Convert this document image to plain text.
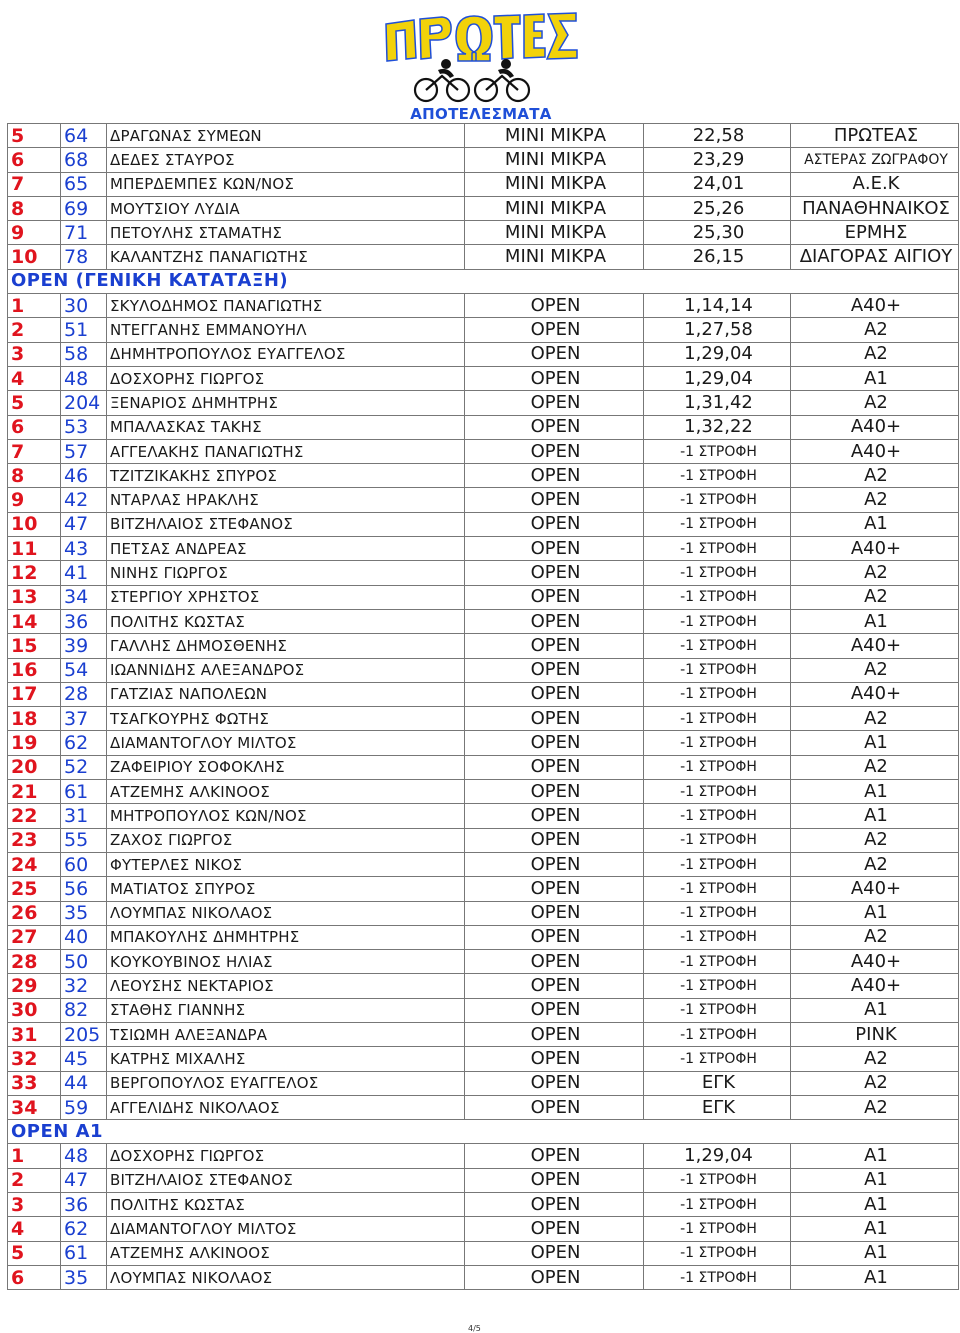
ΑΠΟΤΕΛΕΣΜΑΤΑ
5	64	ΔΡΑΓΩΝΑΣ ΣΥΜΕΩΝ	ΜΙΝΙ ΜΙΚΡΑ	22,58	ΠΡΩΤΕΑΣ
6	68	ΔΕΔΕΣ ΣΤΑΥΡΟΣ	ΜΙΝΙ ΜΙΚΡΑ	23,29	ΑΣΤΕΡΑΣ ΖΩΓΡΑΦΟΥ
7	65	ΜΠΕΡΔΕΜΠΕΣ ΚΩΝ/ΝΟΣ	ΜΙΝΙ ΜΙΚΡΑ	24,01	Α.Ε.Κ
8	69	ΜΟΥΤΣΙΟΥ ΛΥΔΙΑ	ΜΙΝΙ ΜΙΚΡΑ	25,26	ΠΑΝΑΘΗΝΑΙΚΟΣ
9	71	ΠΕΤΟΥΛΗΣ ΣΤΑΜΑΤΗΣ	ΜΙΝΙ ΜΙΚΡΑ	25,30	ΕΡΜΗΣ
10	78	ΚΑΛΑΝΤΖΗΣ ΠΑΝΑΓΙΩΤΗΣ	ΜΙΝΙ ΜΙΚΡΑ	26,15	ΔΙΑΓΟΡΑΣ ΑΙΓΙΟΥ
OPEN (ΓΕΝΙΚΗ ΚΑΤΑΤΑΞΗ)					
1	30	ΣΚΥΛΟΔΗΜΟΣ ΠΑΝΑΓΙΩΤΗΣ	OPEN	1,14,14	Α40+
2	51	ΝΤΕΓΓΑΝΗΣ ΕΜΜΑΝΟΥΗΛ	OPEN	1,27,58	Α2
3	58	ΔΗΜΗΤΡΟΠΟΥΛΟΣ ΕΥΑΓΓΕΛΟΣ	OPEN	1,29,04	Α2
4	48	ΔΟΣΧΟΡΗΣ ΓΙΩΡΓΟΣ	OPEN	1,29,04	Α1
5	204	ΞΕΝΑΡΙΟΣ ΔΗΜΗΤΡΗΣ	OPEN	1,31,42	Α2
6	53	ΜΠΑΛΑΣΚΑΣ ΤΑΚΗΣ	OPEN	1,32,22	Α40+
7	57	ΑΓΓΕΛΑΚΗΣ ΠΑΝΑΓΙΩΤΗΣ	OPEN	-1 ΣΤΡΟΦΗ	Α40+
8	46	ΤΖΙΤΖΙΚΑΚΗΣ ΣΠΥΡΟΣ	OPEN	-1 ΣΤΡΟΦΗ	Α2
9	42	ΝΤΑΡΛΑΣ ΗΡΑΚΛΗΣ	OPEN	-1 ΣΤΡΟΦΗ	Α2
10	47	ΒΙΤΖΗΛΑΙΟΣ ΣΤΕΦΑΝΟΣ	OPEN	-1 ΣΤΡΟΦΗ	Α1
11	43	ΠΕΤΣΑΣ ΑΝΔΡΕΑΣ	OPEN	-1 ΣΤΡΟΦΗ	Α40+
12	41	ΝΙΝΗΣ ΓΙΩΡΓΟΣ	OPEN	-1 ΣΤΡΟΦΗ	Α2
13	34	ΣΤΕΡΓΙΟΥ ΧΡΗΣΤΟΣ	OPEN	-1 ΣΤΡΟΦΗ	Α2
14	36	ΠΟΛΙΤΗΣ ΚΩΣΤΑΣ	OPEN	-1 ΣΤΡΟΦΗ	Α1
15	39	ΓΑΛΛΗΣ ΔΗΜΟΣΘΕΝΗΣ	OPEN	-1 ΣΤΡΟΦΗ	Α40+
16	54	ΙΩΑΝΝΙΔΗΣ ΑΛΕΞΑΝΔΡΟΣ	OPEN	-1 ΣΤΡΟΦΗ	Α2
17	28	ΓΑΤΖΙΑΣ ΝΑΠΟΛΕΩΝ	OPEN	-1 ΣΤΡΟΦΗ	Α40+
18	37	ΤΣΑΓΚΟΥΡΗΣ ΦΩΤΗΣ	OPEN	-1 ΣΤΡΟΦΗ	Α2
19	62	ΔΙΑΜΑΝΤΟΓΛΟΥ ΜΙΛΤΟΣ	OPEN	-1 ΣΤΡΟΦΗ	Α1
20	52	ΖΑΦΕΙΡΙΟΥ ΣΟΦΟΚΛΗΣ	OPEN	-1 ΣΤΡΟΦΗ	Α2
21	61	ΑΤΖΕΜΗΣ ΑΛΚΙΝΟΟΣ	OPEN	-1 ΣΤΡΟΦΗ	Α1
22	31	ΜΗΤΡΟΠΟΥΛΟΣ ΚΩΝ/ΝΟΣ	OPEN	-1 ΣΤΡΟΦΗ	Α1
23	55	ΖΑΧΟΣ ΓΙΩΡΓΟΣ	OPEN	-1 ΣΤΡΟΦΗ	Α2
24	60	ΦΥΤΕΡΛΕΣ ΝΙΚΟΣ	OPEN	-1 ΣΤΡΟΦΗ	Α2
25	56	ΜΑΤΙΑΤΟΣ ΣΠΥΡΟΣ	OPEN	-1 ΣΤΡΟΦΗ	Α40+
26	35	ΛΟΥΜΠΑΣ ΝΙΚΟΛΑΟΣ	OPEN	-1 ΣΤΡΟΦΗ	Α1
27	40	ΜΠΑΚΟΥΛΗΣ ΔΗΜΗΤΡΗΣ	OPEN	-1 ΣΤΡΟΦΗ	Α2
28	50	ΚΟΥΚΟΥΒΙΝΟΣ ΗΛΙΑΣ	OPEN	-1 ΣΤΡΟΦΗ	Α40+
29	32	ΛΕΟΥΣΗΣ ΝΕΚΤΑΡΙΟΣ	OPEN	-1 ΣΤΡΟΦΗ	Α40+
30	82	ΣΤΑΘΗΣ ΓΙΑΝΝΗΣ	OPEN	-1 ΣΤΡΟΦΗ	Α1
31	205	ΤΣΙΩΜΗ ΑΛΕΞΑΝΔΡΑ	OPEN	-1 ΣΤΡΟΦΗ	PINK
32	45	ΚΑΤΡΗΣ ΜΙΧΑΛΗΣ	OPEN	-1 ΣΤΡΟΦΗ	Α2
33	44	ΒΕΡΓΟΠΟΥΛΟΣ ΕΥΑΓΓΕΛΟΣ	OPEN	ΕΓΚ	Α2
34	59	ΑΓΓΕΛΙΔΗΣ ΝΙΚΟΛΑΟΣ	OPEN	ΕΓΚ	Α2
OPEN Α1					
1	48	ΔΟΣΧΟΡΗΣ ΓΙΩΡΓΟΣ	OPEN	1,29,04	Α1
2	47	ΒΙΤΖΗΛΑΙΟΣ ΣΤΕΦΑΝΟΣ	OPEN	-1 ΣΤΡΟΦΗ	Α1
3	36	ΠΟΛΙΤΗΣ ΚΩΣΤΑΣ	OPEN	-1 ΣΤΡΟΦΗ	Α1
4	62	ΔΙΑΜΑΝΤΟΓΛΟΥ ΜΙΛΤΟΣ	OPEN	-1 ΣΤΡΟΦΗ	Α1
5	61	ΑΤΖΕΜΗΣ ΑΛΚΙΝΟΟΣ	OPEN	-1 ΣΤΡΟΦΗ	Α1
6	35	ΛΟΥΜΠΑΣ ΝΙΚΟΛΑΟΣ	OPEN	-1 ΣΤΡΟΦΗ	Α1
4/5
